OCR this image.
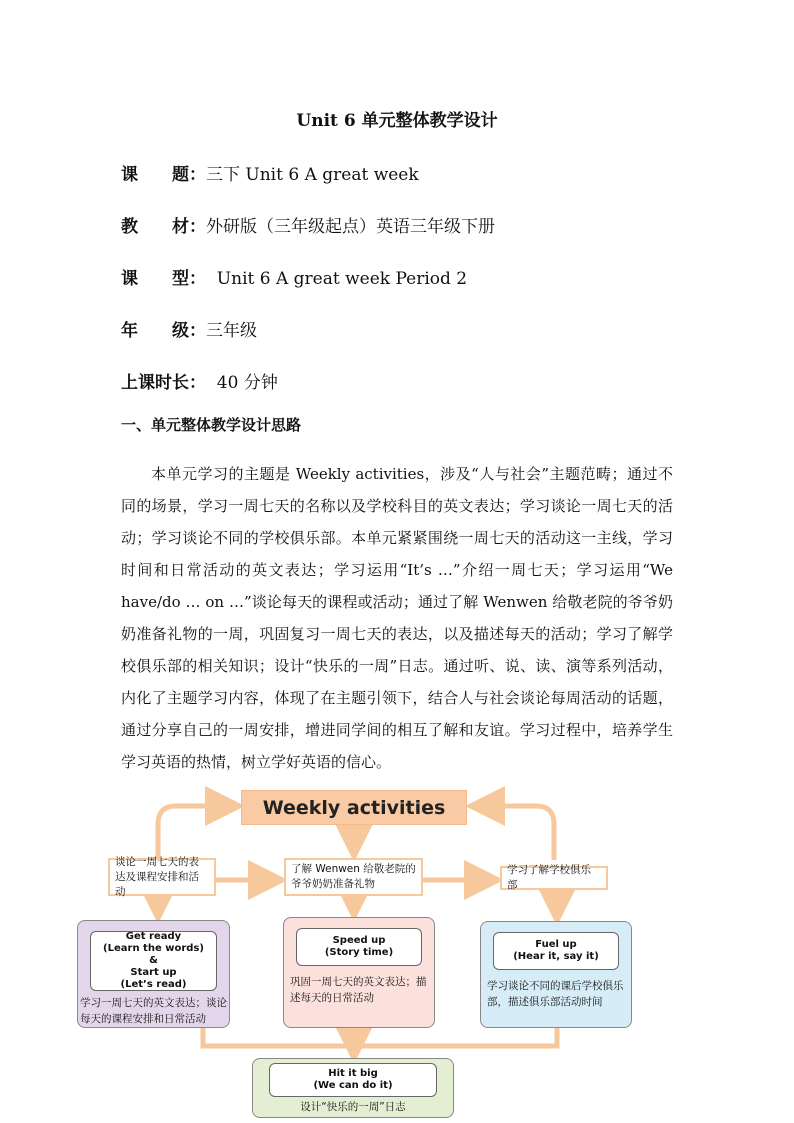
Unit 6 单元整体教学设计
课　　题：三下 Unit 6 A great week
教　　材：外研版（三年级起点）英语三年级下册
课　　型：  Unit 6 A great week Period 2
年　　级：三年级
上课时长：  40 分钟
一、单元整体教学设计思路
本单元学习的主题是 Weekly activities，涉及“人与社会”主题范畴；通过不同的场景，学习一周七天的名称以及学校科目的英文表达；学习谈论一周七天的活动；学习谈论不同的学校俱乐部。本单元紧紧围绕一周七天的活动这一主线，学习时间和日常活动的英文表达；学习运用“It’s …”介绍一周七天；学习运用“We have/do … on …”谈论每天的课程或活动；通过了解 Wenwen 给敬老院的爷爷奶奶准备礼物的一周，巩固复习一周七天的表达，以及描述每天的活动；学习了解学校俱乐部的相关知识；设计“快乐的一周”日志。通过听、说、读、演等系列活动，内化了主题学习内容，体现了在主题引领下，结合人与社会谈论每周活动的话题，通过分享自己的一周安排，增进同学间的相互了解和友谊。学习过程中，培养学生学习英语的热情，树立学好英语的信心。
Weekly activities
谈论一周七天的表达及课程安排和活动
了解 Wenwen 给敬老院的爷爷奶奶准备礼物
学习了解学校俱乐部
Get ready
(Learn the words)
&
Start up
(Let’s read)
学习一周七天的英文表达；谈论每天的课程安排和日常活动
Speed up
(Story time)
巩固一周七天的英文表达；描述每天的日常活动
Fuel up
(Hear it, say it)
学习谈论不同的课后学校俱乐部，描述俱乐部活动时间
Hit it big
(We can do it)
设计“快乐的一周”日志
